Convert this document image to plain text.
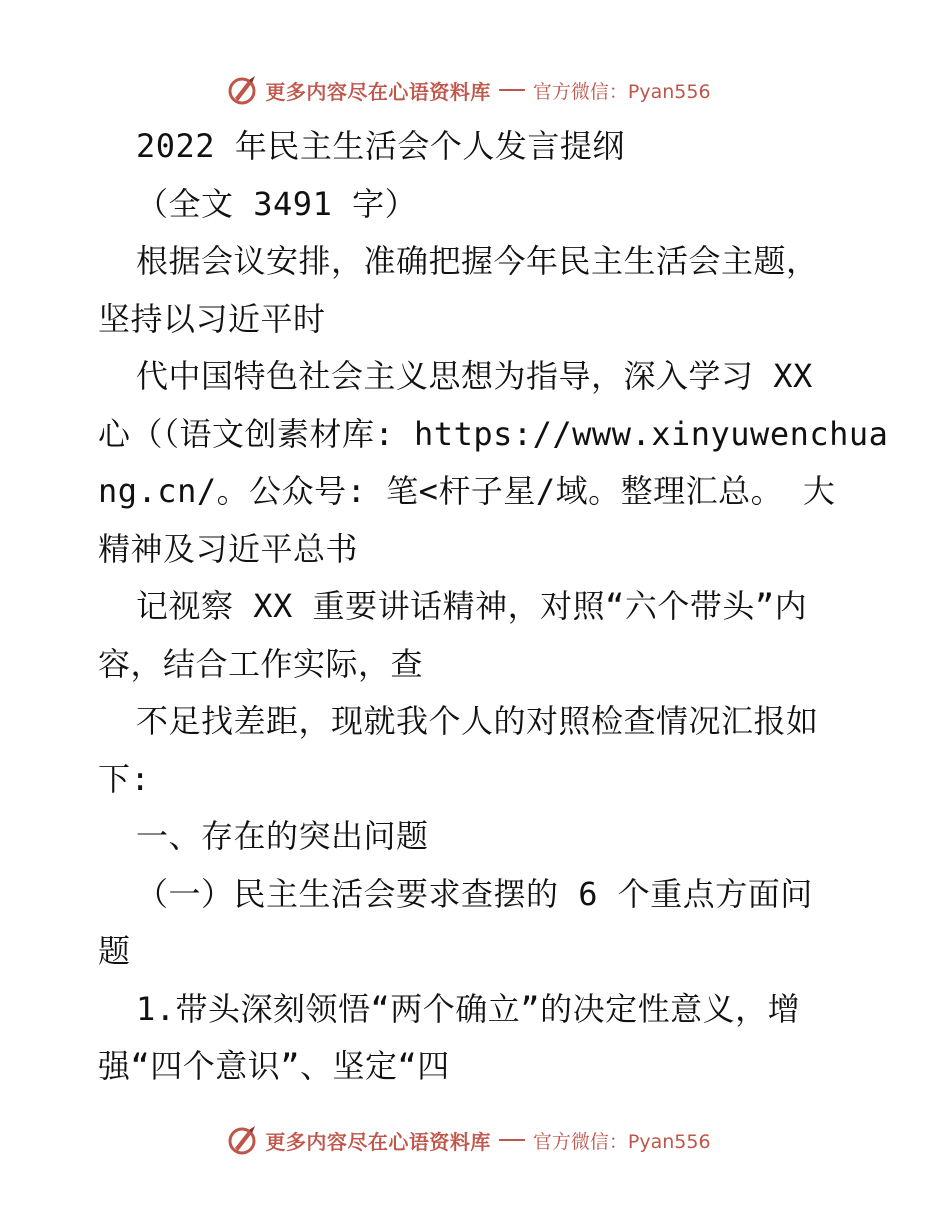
更多内容尽在心语资料库 官方微信：Pyan556
2022 年民主生活会个人发言提纲
（全文 3491 字）
根据会议安排，准确把握今年民主生活会主题，
坚持以习近平时
代中国特色社会主义思想为指导，深入学习 XX
心（（语文创素材库: https://www.xinyuwenchua
ng.cn/。公众号: 笔<杆子星/域。整理汇总。 大
精神及习近平总书
记视察 XX 重要讲话精神，对照“六个带头”内
容，结合工作实际，查
不足找差距，现就我个人的对照检查情况汇报如
下:
一、存在的突出问题
（一）民主生活会要求查摆的 6 个重点方面问
题
1.带头深刻领悟“两个确立”的决定性意义，增
强“四个意识”、坚定“四
更多内容尽在心语资料库 官方微信：Pyan556
